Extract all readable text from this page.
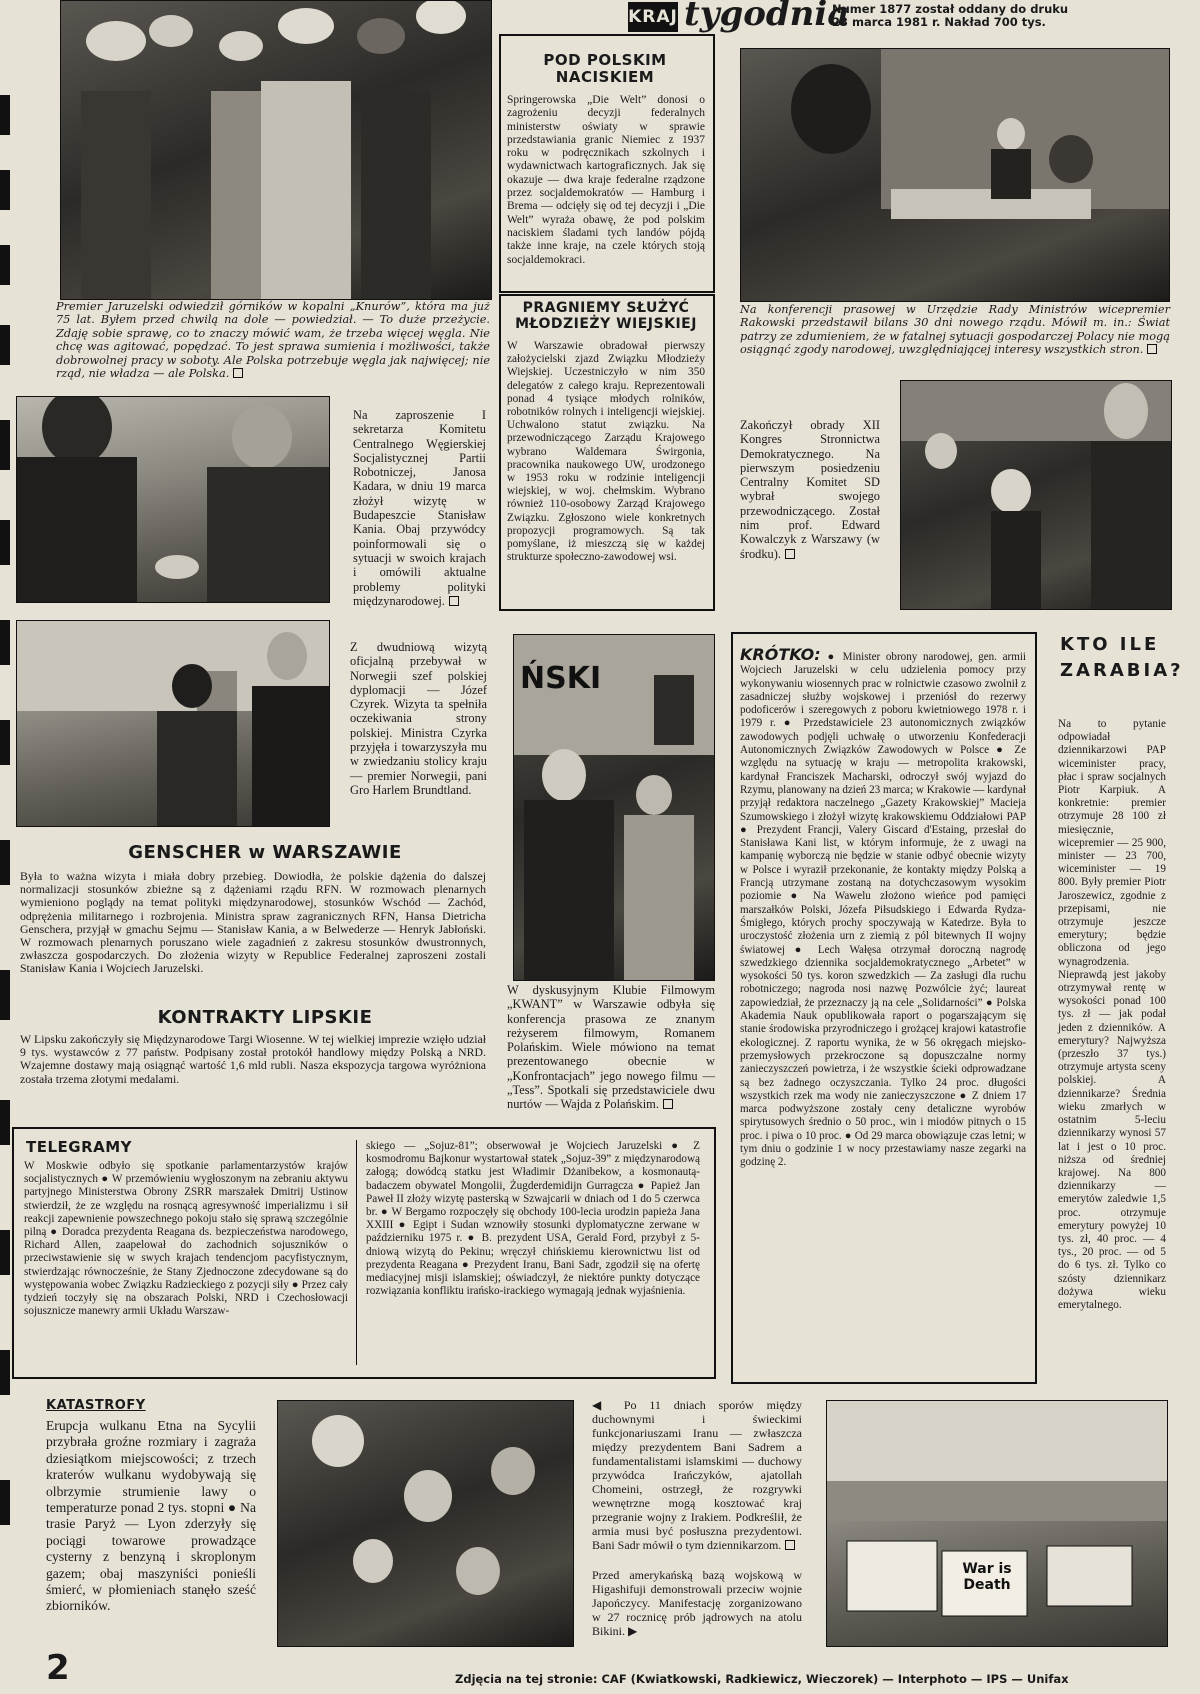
KRAJ tygodnia

Numer 1877 został oddany do druku 23 marca 1981 r. Nakład 700 tys.

Premier Jaruzelski odwiedził górników w kopalni „Knurów”, która ma już 75 lat. Byłem przed chwilą na dole — powiedział. — To duże przeżycie. Zdaję sobie sprawę, co to znaczy mówić wam, że trzeba więcej węgla. Nie chcę was agitować, popędzać. To jest sprawa sumienia i możliwości, także dobrowolnej pracy w soboty. Ale Polska potrzebuje węgla jak najwięcej; nie rząd, nie władza — ale Polska.

POD POLSKIM NACISKIEM

Springerowska „Die Welt” donosi o zagrożeniu decyzji federalnych ministerstw oświaty w sprawie przedstawiania granic Niemiec z 1937 roku w podręcznikach szkolnych i wydawnictwach kartograficznych. Jak się okazuje — dwa kraje federalne rządzone przez socjaldemokratów — Hamburg i Brema — odcięły się od tej decyzji i „Die Welt” wyraża obawę, że pod polskim naciskiem śladami tych landów pójdą także inne kraje, na czele których stoją socjaldemokraci.

PRAGNIEMY SŁUŻYĆ MŁODZIEŻY WIEJSKIEJ

W Warszawie obradował pierwszy założycielski zjazd Związku Młodzieży Wiejskiej. Uczestniczyło w nim 350 delegatów z całego kraju. Reprezentowali ponad 4 tysiące młodych rolników, robotników rolnych i inteligencji wiejskiej. Uchwalono statut związku. Na przewodniczącego Zarządu Krajowego wybrano Waldemara Świrgonia, pracownika naukowego UW, urodzonego w 1953 roku w rodzinie inteligencji wiejskiej, w woj. chełmskim. Wybrano również 110-osobowy Zarząd Krajowego Związku. Zgłoszono wiele konkretnych propozycji programowych. Są tak pomyślane, iż mieszczą się w każdej strukturze społeczno-zawodowej wsi.

Na konferencji prasowej w Urzędzie Rady Ministrów wicepremier Rakowski przedstawił bilans 30 dni nowego rządu. Mówił m. in.: Świat patrzy ze zdumieniem, że w fatalnej sytuacji gospodarczej Polacy nie mogą osiągnąć zgody narodowej, uwzględniającej interesy wszystkich stron.

Na zaproszenie I sekretarza Komitetu Centralnego Węgierskiej Socjalistycznej Partii Robotniczej, Janosa Kadara, w dniu 19 marca złożył wizytę w Budapeszcie Stanisław Kania. Obaj przywódcy poinformowali się o sytuacji w swoich krajach i omówili aktualne problemy polityki międzynarodowej.

Zakończył obrady XII Kongres Stronnictwa Demokratycznego. Na pierwszym posiedzeniu Centralny Komitet SD wybrał swojego przewodniczącego. Został nim prof. Edward Kowalczyk z Warszawy (w środku).

Z dwudniową wizytą oficjalną przebywał w Norwegii szef polskiej dyplomacji — Józef Czyrek. Wizyta ta spełniła oczekiwania strony polskiej. Ministra Czyrka przyjęła i towarzyszyła mu w zwiedzaniu stolicy kraju — premier Norwegii, pani Gro Harlem Brundtland.

ŃSKI

W dyskusyjnym Klubie Filmowym „KWANT” w Warszawie odbyła się konferencja prasowa ze znanym reżyserem filmowym, Romanem Polańskim. Wiele mówiono na temat prezentowanego obecnie w „Konfrontacjach” jego nowego filmu — „Tess”. Spotkali się przedstawiciele dwu nurtów — Wajda z Polańskim.

GENSCHER w WARSZAWIE

Była to ważna wizyta i miała dobry przebieg. Dowiodła, że polskie dążenia do dalszej normalizacji stosunków zbieżne są z dążeniami rządu RFN. W rozmowach plenarnych wymieniono poglądy na temat polityki międzynarodowej, stosunków Wschód — Zachód, odprężenia militarnego i rozbrojenia. Ministra spraw zagranicznych RFN, Hansa Dietricha Genschera, przyjął w gmachu Sejmu — Stanisław Kania, a w Belwederze — Henryk Jabłoński. W rozmowach plenarnych poruszano wiele zagadnień z zakresu stosunków dwustronnych, zwłaszcza gospodarczych. Do złożenia wizyty w Republice Federalnej zaproszeni zostali Stanisław Kania i Wojciech Jaruzelski.

KONTRAKTY LIPSKIE

W Lipsku zakończyły się Międzynarodowe Targi Wiosenne. W tej wielkiej imprezie wzięło udział 9 tys. wystawców z 77 państw. Podpisany został protokół handlowy między Polską a NRD. Wzajemne dostawy mają osiągnąć wartość 1,6 mld rubli. Nasza ekspozycja targowa wyróżniona została trzema złotymi medalami.

KRÓTKO: ● Minister obrony narodowej, gen. armii Wojciech Jaruzelski w celu udzielenia pomocy przy wykonywaniu wiosennych prac w rolnictwie czasowo zwolnił z zasadniczej służby wojskowej i przeniósł do rezerwy podoficerów i szeregowych z poboru kwietniowego 1978 r. i 1979 r. ● Przedstawiciele 23 autonomicznych związków zawodowych podjęli uchwałę o utworzeniu Konfederacji Autonomicznych Związków Zawodowych w Polsce ● Ze względu na sytuację w kraju — metropolita krakowski, kardynał Franciszek Macharski, odroczył swój wyjazd do Rzymu, planowany na dzień 23 marca; w Krakowie — kardynał przyjął redaktora naczelnego „Gazety Krakowskiej” Macieja Szumowskiego i złożył wizytę krakowskiemu Oddziałowi PAP ● Prezydent Francji, Valery Giscard d'Estaing, przesłał do Stanisława Kani list, w którym informuje, że z uwagi na kampanię wyborczą nie będzie w stanie odbyć obecnie wizyty w Polsce i wyraził przekonanie, że kontakty między Polską a Francją utrzymane zostaną na dotychczasowym wysokim poziomie ● Na Wawelu złożono wieńce pod pamięci marszałków Polski, Józefa Piłsudskiego i Edwarda Rydza-Śmigłego, których prochy spoczywają w Katedrze. Była to uroczystość złożenia urn z ziemią z pól bitewnych II wojny światowej ● Lech Wałęsa otrzymał doroczną nagrodę szwedzkiego dziennika socjaldemokratycznego „Arbetet” w wysokości 50 tys. koron szwedzkich — Za zasługi dla ruchu robotniczego; nagroda nosi nazwę Pozwólcie żyć; laureat zapowiedział, że przeznaczy ją na cele „Solidarności” ● Polska Akademia Nauk opublikowała raport o pogarszającym się stanie środowiska przyrodniczego i grożącej krajowi katastrofie ekologicznej. Z raportu wynika, że w 56 okręgach miejsko-przemysłowych przekroczone są dopuszczalne normy zanieczyszczeń powietrza, i że wszystkie ścieki odprowadzane są bez żadnego oczyszczania. Tylko 24 proc. długości wszystkich rzek ma wody nie zanieczyszczone ● Z dniem 17 marca podwyższone zostały ceny detaliczne wyrobów spirytusowych średnio o 50 proc., win i miodów pitnych o 15 proc. i piwa o 10 proc. ● Od 29 marca obowiązuje czas letni; w tym dniu o godzinie 1 w nocy przestawiamy nasze zegarki na godzinę 2.

KTO ILE ZARABIA?

Na to pytanie odpowiadał dziennikarzowi PAP wiceminister pracy, płac i spraw socjalnych Piotr Karpiuk. A konkretnie: premier otrzymuje 28 100 zł miesięcznie, wicepremier — 25 900, minister — 23 700, wiceminister — 19 800. Były premier Piotr Jaroszewicz, zgodnie z przepisami, nie otrzymuje jeszcze emerytury; będzie obliczona od jego wynagrodzenia. Nieprawdą jest jakoby otrzymywał rentę w wysokości ponad 100 tys. zł — jak podał jeden z dzienników. A emerytury? Najwyższa (przeszło 37 tys.) otrzymuje artysta sceny polskiej. A dziennikarze? Średnia wieku zmarłych w ostatnim 5-leciu dziennikarzy wynosi 57 lat i jest o 10 proc. niższa od średniej krajowej. Na 800 dziennikarzy — emerytów zaledwie 1,5 proc. otrzymuje emerytury powyżej 10 tys. zł, 40 proc. — 4 tys., 20 proc. — od 5 do 6 tys. zł. Tylko co szósty dziennikarz dożywa wieku emerytalnego.

TELEGRAMY

W Moskwie odbyło się spotkanie parlamentarzystów krajów socjalistycznych ● W przemówieniu wygłoszonym na zebraniu aktywu partyjnego Ministerstwa Obrony ZSRR marszałek Dmitrij Ustinow stwierdził, że ze względu na rosnącą agresywność imperializmu i sił reakcji zapewnienie powszechnego pokoju stało się sprawą szczególnie pilną ● Doradca prezydenta Reagana ds. bezpieczeństwa narodowego, Richard Allen, zaapelował do zachodnich sojuszników o przeciwstawienie się w swych krajach tendencjom pacyfistycznym, stwierdzając równocześnie, że Stany Zjednoczone zdecydowane są do występowania wobec Związku Radzieckiego z pozycji siły ● Przez cały tydzień toczyły się na obszarach Polski, NRD i Czechosłowacji sojusznicze manewry armii Układu Warszaw-

skiego — „Sojuz-81”; obserwował je Wojciech Jaruzelski ● Z kosmodromu Bajkonur wystartował statek „Sojuz-39” z międzynarodową załogą; dowódcą statku jest Władimir Dżanibekow, a kosmonautą-badaczem obywatel Mongolii, Żugderdemidijn Gurragcza ● Papież Jan Paweł II złoży wizytę pasterską w Szwajcarii w dniach od 1 do 5 czerwca br. ● W Bergamo rozpoczęły się obchody 100-lecia urodzin papieża Jana XXIII ● Egipt i Sudan wznowiły stosunki dyplomatyczne zerwane w październiku 1975 r. ● B. prezydent USA, Gerald Ford, przybył z 5-dniową wizytą do Pekinu; wręczył chińskiemu kierownictwu list od prezydenta Reagana ● Prezydent Iranu, Bani Sadr, zgodził się na ofertę mediacyjnej misji islamskiej; oświadczył, że niektóre punkty dotyczące rozwiązania konfliktu irańsko-irackiego wymagają jednak wyjaśnienia.

KATASTROFY

Erupcja wulkanu Etna na Sycylii przybrała groźne rozmiary i zagraża dziesiątkom miejscowości; z trzech kraterów wulkanu wydobywają się olbrzymie strumienie lawy o temperaturze ponad 2 tys. stopni ● Na trasie Paryż — Lyon zderzyły się pociągi towarowe prowadzące cysterny z benzyną i skroplonym gazem; obaj maszyniści ponieśli śmierć, w płomieniach stanęło sześć zbiorników.

◀ Po 11 dniach sporów między duchownymi i świeckimi funkcjonariuszami Iranu — zwłaszcza między prezydentem Bani Sadrem a fundamentalistami islamskimi — duchowy przywódca Irańczyków, ajatollah Chomeini, ostrzegł, że rozgrywki wewnętrzne mogą kosztować kraj przegranie wojny z Irakiem. Podkreślił, że armia musi być posłuszna prezydentowi. Bani Sadr mówił o tym dziennikarzom.

Przed amerykańską bazą wojskową w Higashifuji demonstrowali przeciw wojnie Japończycy. Manifestację zorganizowano w 27 rocznicę prób jądrowych na atolu Bikini. ▶

War is Death
2	Zdjęcia na tej stronie: CAF (Kwiatkowski, Radkiewicz, Wieczorek) — Interphoto — IPS — Unifax
